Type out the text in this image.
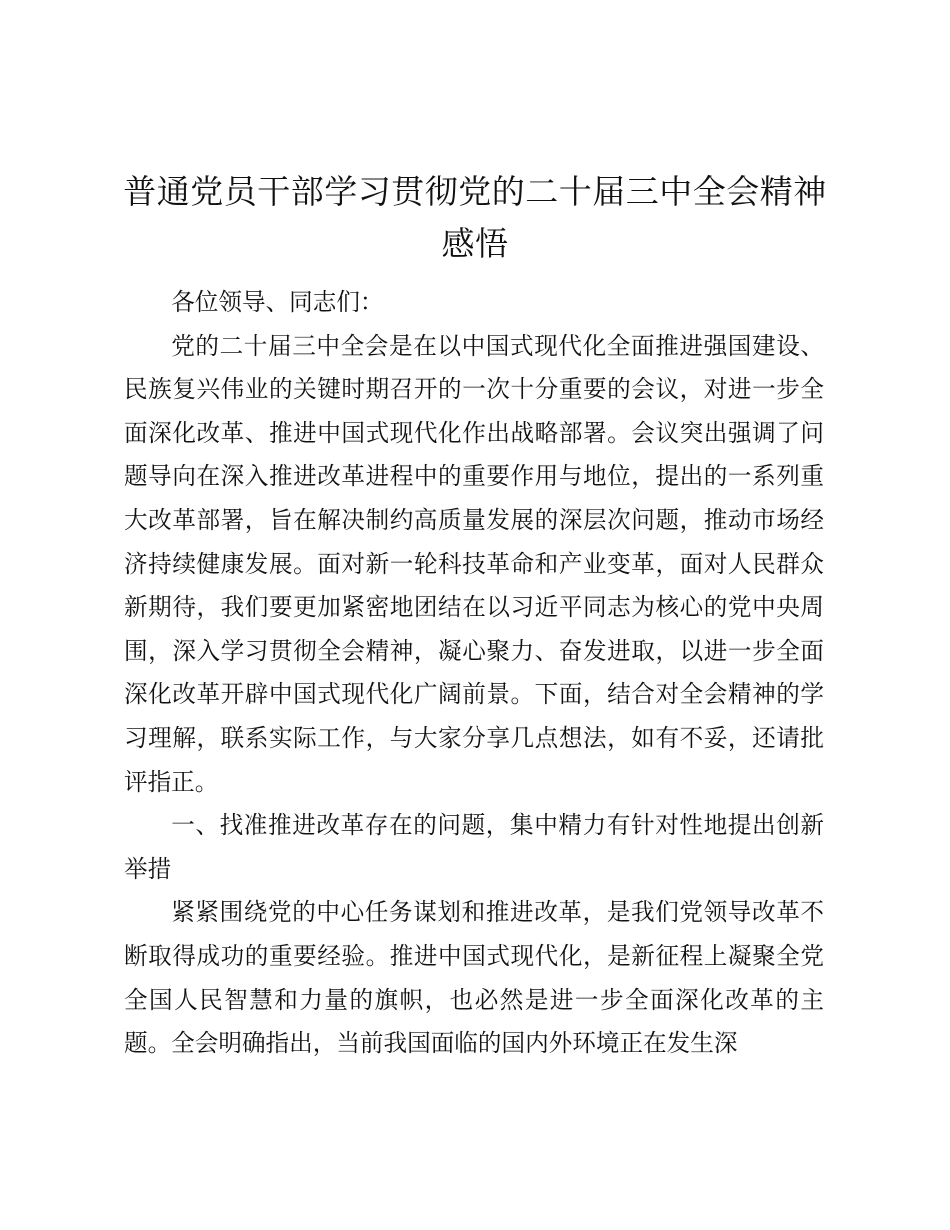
普通党员干部学习贯彻党的二十届三中全会精神感悟

各位领导、同志们：

党的二十届三中全会是在以中国式现代化全面推进强国建设、民族复兴伟业的关键时期召开的一次十分重要的会议，对进一步全面深化改革、推进中国式现代化作出战略部署。会议突出强调了问题导向在深入推进改革进程中的重要作用与地位，提出的一系列重大改革部署，旨在解决制约高质量发展的深层次问题，推动市场经济持续健康发展。面对新一轮科技革命和产业变革，面对人民群众新期待，我们要更加紧密地团结在以习近平同志为核心的党中央周围，深入学习贯彻全会精神，凝心聚力、奋发进取，以进一步全面深化改革开辟中国式现代化广阔前景。下面，结合对全会精神的学习理解，联系实际工作，与大家分享几点想法，如有不妥，还请批评指正。

一、找准推进改革存在的问题，集中精力有针对性地提出创新举措

紧紧围绕党的中心任务谋划和推进改革，是我们党领导改革不断取得成功的重要经验。推进中国式现代化，是新征程上凝聚全党全国人民智慧和力量的旗帜，也必然是进一步全面深化改革的主题。全会明确指出，当前我国面临的国内外环境正在发生深
